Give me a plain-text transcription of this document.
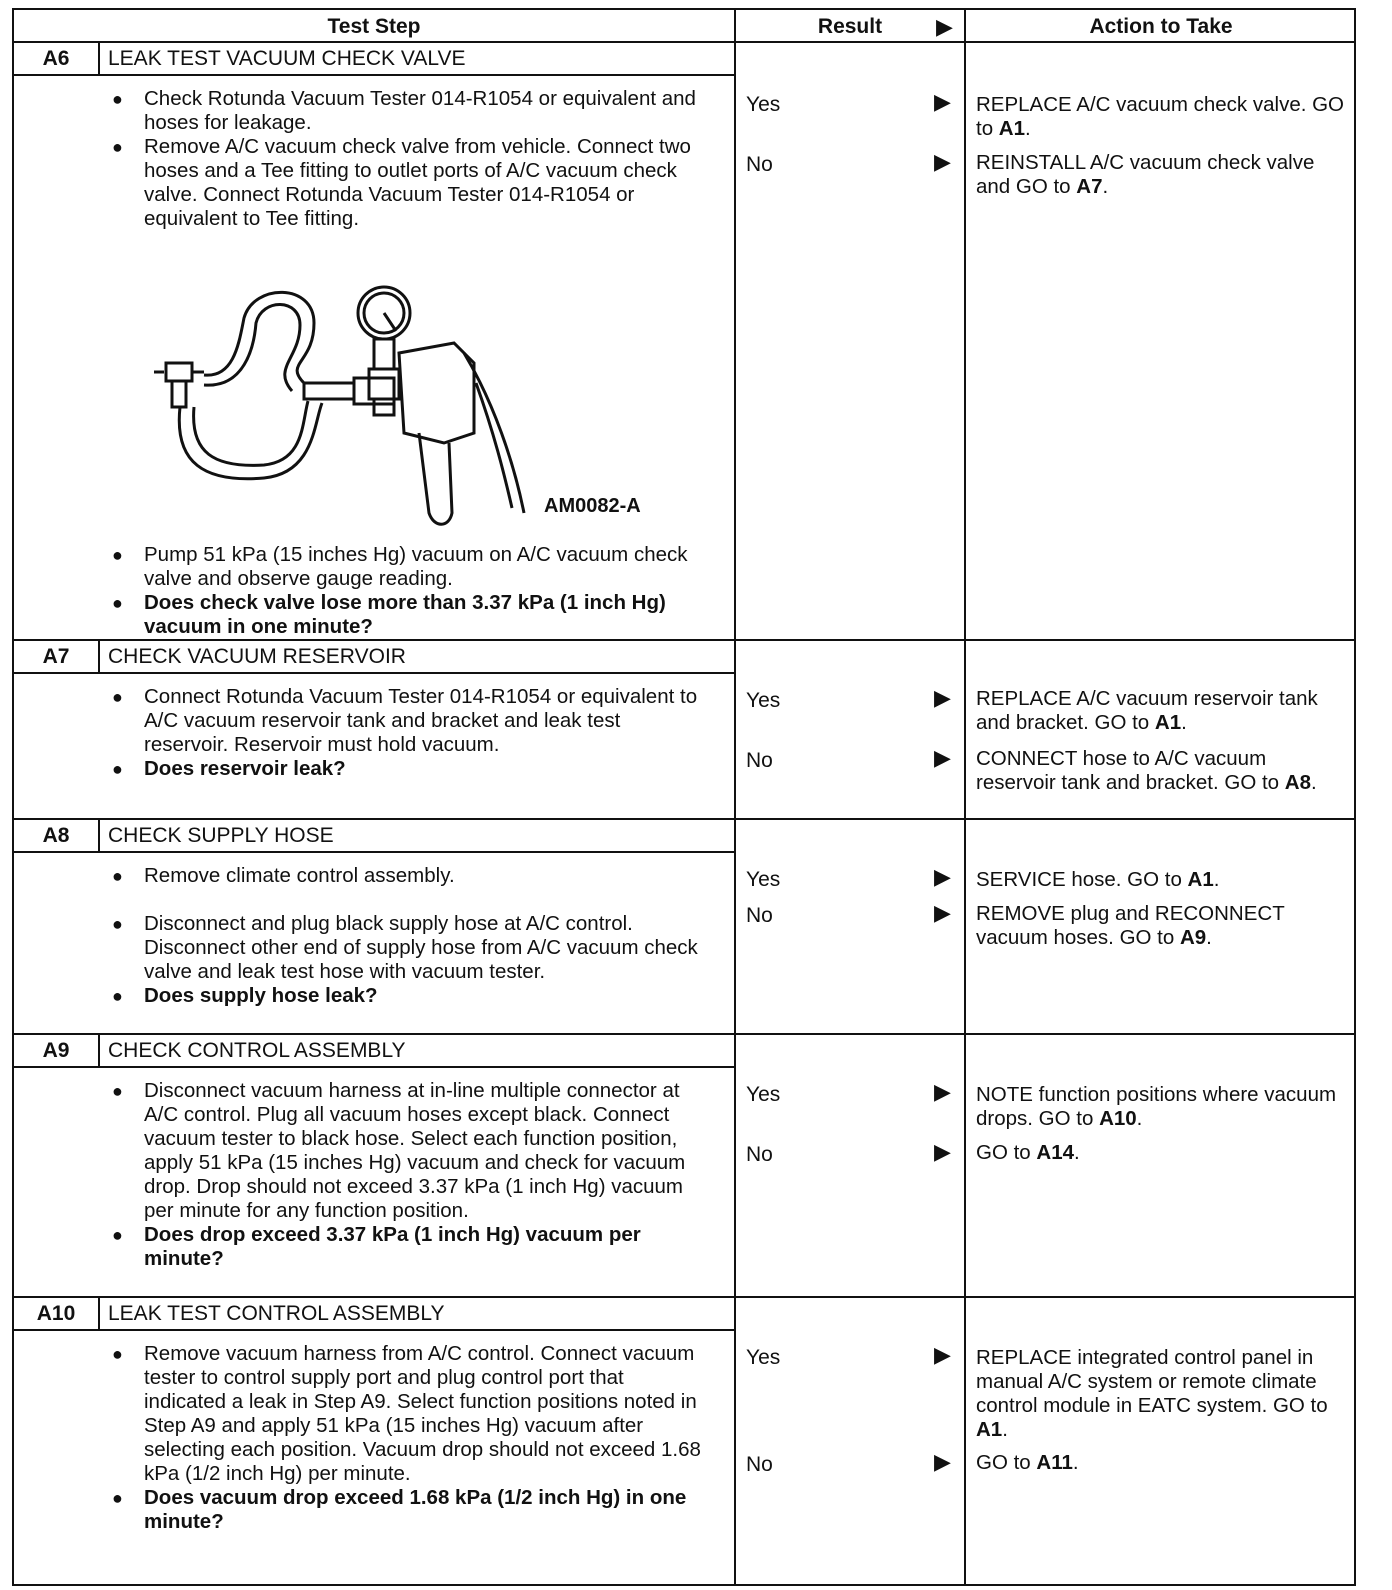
Test Step	Result	▶	Action to Take
A6	LEAK TEST VACUUM CHECK VALVE

● Check Rotunda Vacuum Tester 014-R1054 or equivalent and hoses for leakage.

● Remove A/C vacuum check valve from vehicle. Connect two hoses and a Tee fitting to outlet ports of A/C vacuum check valve. Connect Rotunda Vacuum Tester 014-R1054 or equivalent to Tee fitting.

AM0082-A

● Pump 51 kPa (15 inches Hg) vacuum on A/C vacuum check valve and observe gauge reading.

● Does check valve lose more than 3.37 kPa (1 inch Hg) vacuum in one minute?

Yes	▶ REPLACE A/C vacuum check valve. GO to A1.
No	▶ REINSTALL A/C vacuum check valve and GO to A7.
A7	CHECK VACUUM RESERVOIR

● Connect Rotunda Vacuum Tester 014-R1054 or equivalent to A/C vacuum reservoir tank and bracket and leak test reservoir. Reservoir must hold vacuum.

● Does reservoir leak?

Yes	▶ REPLACE A/C vacuum reservoir tank and bracket. GO to A1.
No	▶ CONNECT hose to A/C vacuum reservoir tank and bracket. GO to A8.
A8	CHECK SUPPLY HOSE

● Remove climate control assembly.

● Disconnect and plug black supply hose at A/C control. Disconnect other end of supply hose from A/C vacuum check valve and leak test hose with vacuum tester.

● Does supply hose leak?

Yes	▶ SERVICE hose. GO to A1.
No	▶ REMOVE plug and RECONNECT vacuum hoses. GO to A9.
A9	CHECK CONTROL ASSEMBLY

● Disconnect vacuum harness at in-line multiple connector at A/C control. Plug all vacuum hoses except black. Connect vacuum tester to black hose. Select each function position, apply 51 kPa (15 inches Hg) vacuum and check for vacuum drop. Drop should not exceed 3.37 kPa (1 inch Hg) vacuum per minute for any function position.

● Does drop exceed 3.37 kPa (1 inch Hg) vacuum per minute?

Yes	▶ NOTE function positions where vacuum drops. GO to A10.
No	▶ GO to A14.
A10	LEAK TEST CONTROL ASSEMBLY

● Remove vacuum harness from A/C control. Connect vacuum tester to control supply port and plug control port that indicated a leak in Step A9. Select function positions noted in Step A9 and apply 51 kPa (15 inches Hg) vacuum after selecting each position. Vacuum drop should not exceed 1.68 kPa (1/2 inch Hg) per minute.

● Does vacuum drop exceed 1.68 kPa (1/2 inch Hg) in one minute?

Yes	▶ REPLACE integrated control panel in manual A/C system or remote climate control module in EATC system. GO to A1.
No	▶ GO to A11.
